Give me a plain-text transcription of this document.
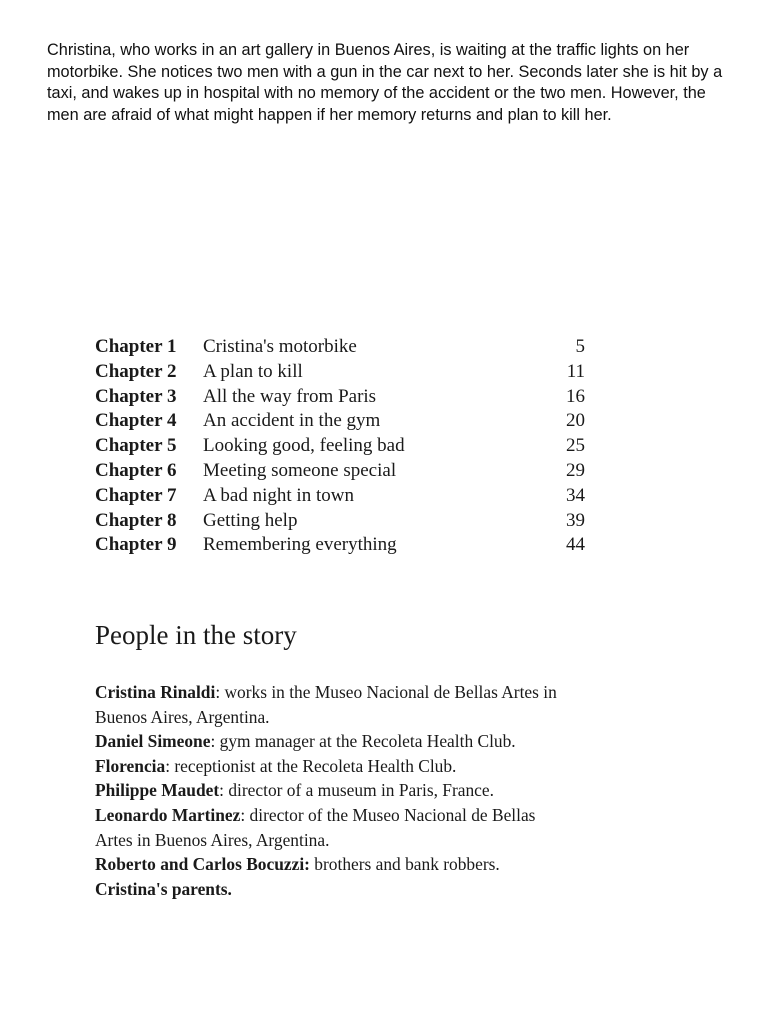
Christina, who works in an art gallery in Buenos Aires, is waiting at the traffic lights on her motorbike. She notices two men with a gun in the car next to her. Seconds later she is hit by a taxi, and wakes up in hospital with no memory of the accident or the two men. However, the men are afraid of what might happen if her memory returns and plan to kill her.

Chapter 1	Cristina's motorbike	5
Chapter 2	A plan to kill	11
Chapter 3	All the way from Paris	16
Chapter 4	An accident in the gym	20
Chapter 5	Looking good, feeling bad	25
Chapter 6	Meeting someone special	29
Chapter 7	A bad night in town	34
Chapter 8	Getting help	39
Chapter 9	Remembering everything	44
People in the story

Cristina Rinaldi: works in the Museo Nacional de Bellas Artes in Buenos Aires, Argentina.

Daniel Simeone: gym manager at the Recoleta Health Club.

Florencia: receptionist at the Recoleta Health Club.

Philippe Maudet: director of a museum in Paris, France.

Leonardo Martinez: director of the Museo Nacional de Bellas Artes in Buenos Aires, Argentina.

Roberto and Carlos Bocuzzi: brothers and bank robbers.

Cristina's parents.
